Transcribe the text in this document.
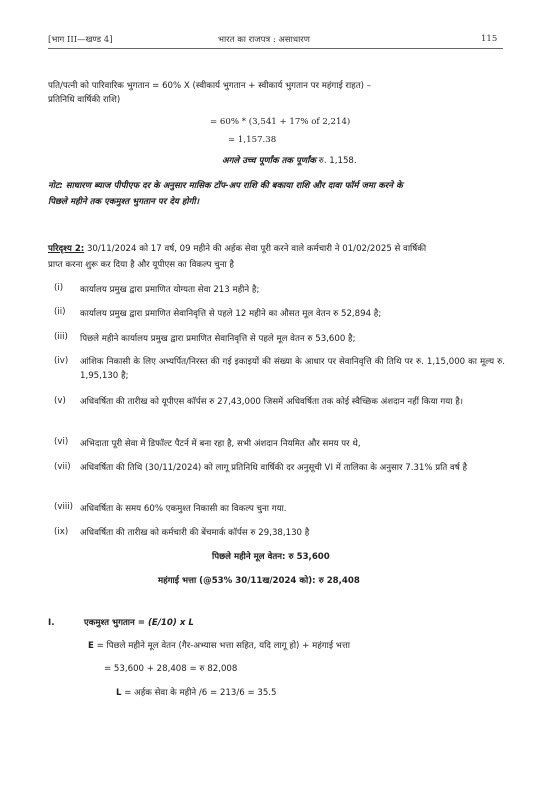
[भाग III—खण्ड 4]	भारत का राजपत्र : असाधारण	115
पति/पत्नी को पारिवारिक भुगतान = 60% X (स्वीकार्य भुगतान + स्वीकार्य भुगतान पर महंगाई राहत) –
प्रतिनिधि वार्षिकी राशि)
= 60% * (3,541 + 17% of 2,214)
= 1,157.38
अगले उच्च पूर्णांक तक पूर्णांक रु. 1,158.
नोट: साधारण ब्याज पीपीएफ दर के अनुसार मासिक टॉप-अप राशि की बकाया राशि और दावा फॉर्म जमा करने के
पिछले महीने तक एकमुश्त भुगतान पर देय होगी।
परिदृश्य 2: 30/11/2024 को 17 वर्ष, 09 महीने की अर्हक सेवा पूरी करने वाले कर्मचारी ने 01/02/2025 से वार्षिकी
प्राप्त करना शुरू कर दिया है और यूपीएस का विकल्प चुना है
(i) कार्यालय प्रमुख द्वारा प्रमाणित योग्यता सेवा 213 महीने है;
(ii) कार्यालय प्रमुख द्वारा प्रमाणित सेवानिवृत्ति से पहले 12 महीने का औसत मूल वेतन रु 52,894 है;
(iii) पिछले महीने कार्यालय प्रमुख द्वारा प्रमाणित सेवानिवृत्ति से पहले मूल वेतन रु 53,600 है;
(iv) आंशिक निकासी के लिए अभ्यर्पित/निरस्त की गई इकाइयों की संख्या के आधार पर सेवानिवृत्ति की तिथि पर रु. 1,15,000 का मूल्य रु. 1,95,130 है;
(v) अधिवर्षिता की तारीख को यूपीएस कॉर्पस रु 27,43,000 जिसमें अधिवर्षिता तक कोई स्वैच्छिक अंशदान नहीं किया गया है।
(vi) अभिदाता पूरी सेवा में डिफॉल्ट पैटर्न में बना रहा है, सभी अंशदान नियमित और समय पर थे,
(vii) अधिवर्षिता की तिथि (30/11/2024) को लागू प्रतिनिधि वार्षिकी दर अनुसूची VI में तालिका के अनुसार 7.31% प्रति वर्ष है
(viii) अधिवर्षिता के समय 60% एकमुश्त निकासी का विकल्प चुना गया.
(ix) अधिवर्षिता की तारीख को कर्मचारी की बेंचमार्क कॉर्पस रु 29,38,130 है
पिछले महीने मूल वेतन: रु 53,600
महंगाई भत्ता (@53% 30/11ख/2024 को): रु 28,408
I.	एकमुश्त भुगतान = (E/10) x L
E = पिछले महीने मूल वेतन (गैर-अभ्यास भत्ता सहित, यदि लागू हो) + महंगाई भत्ता
= 53,600 + 28,408 = रु 82,008
L = अर्हक सेवा के महीने /6 = 213/6 = 35.5
